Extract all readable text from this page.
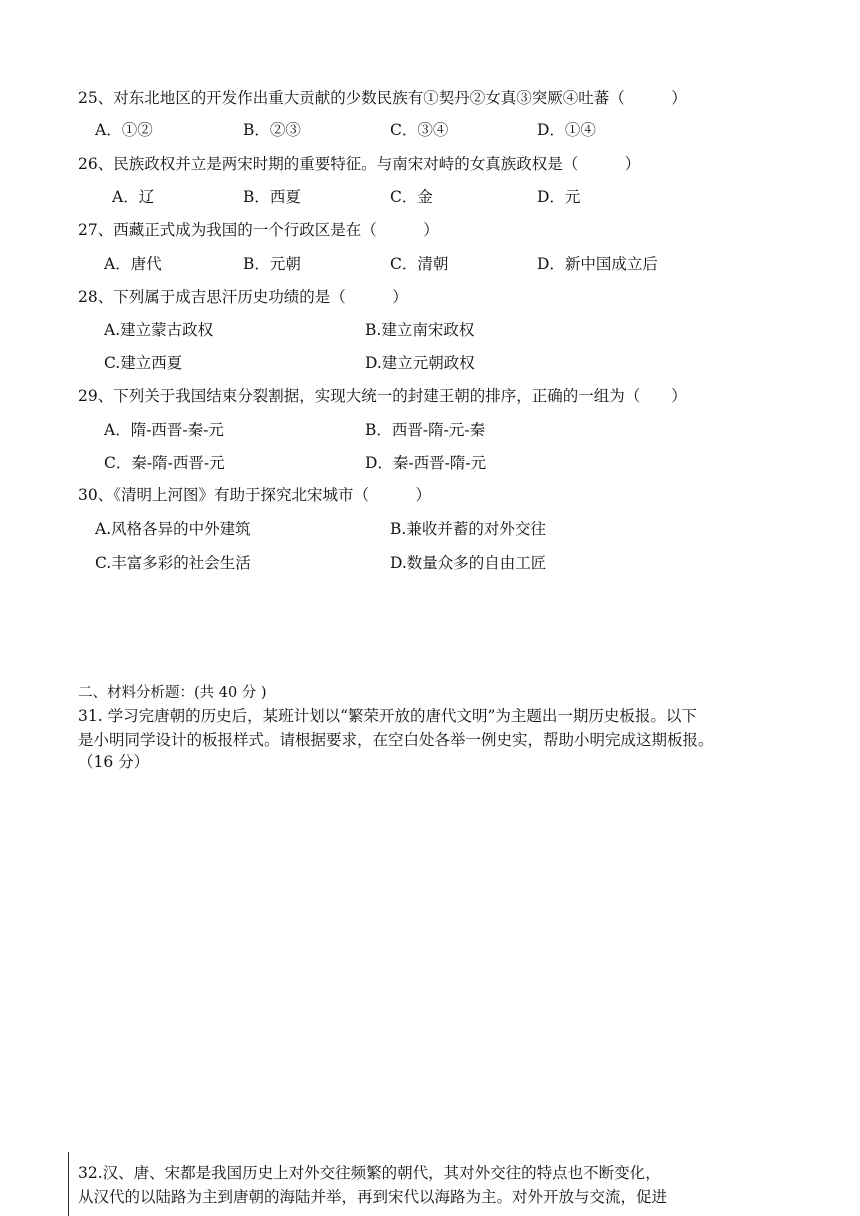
25、对东北地区的开发作出重大贡献的少数民族有①契丹②女真③突厥④吐蕃（　　　）
A．①②	B．②③	C．③④	D．①④
26、民族政权并立是两宋时期的重要特征。与南宋对峙的女真族政权是（　　　）
A．辽	B．西夏	C．金	D．元
27、西藏正式成为我国的一个行政区是在（　　　）
A．唐代	B．元朝	C．清朝	D．新中国成立后
28、下列属于成吉思汗历史功绩的是（　　　）
A.建立蒙古政权	B.建立南宋政权
C.建立西夏	D.建立元朝政权
29、下列关于我国结束分裂割据，实现大统一的封建王朝的排序，正确的一组为（　　）
A．隋-西晋-秦-元	B．西晋-隋-元-秦
C．秦-隋-西晋-元	D．秦-西晋-隋-元
30、《清明上河图》有助于探究北宋城市（　　　）
A.风格各异的中外建筑	B.兼收并蓄的对外交往
C.丰富多彩的社会生活	D.数量众多的自由工匠
二、材料分析题：(共 40 分 )
31. 学习完唐朝的历史后，某班计划以“繁荣开放的唐代文明”为主题出一期历史板报。以下
是小明同学设计的板报样式。请根据要求，在空白处各举一例史实，帮助小明完成这期板报。
（16 分）
32.汉、唐、宋都是我国历史上对外交往频繁的朝代，其对外交往的特点也不断变化，
从汉代的以陆路为主到唐朝的海陆并举，再到宋代以海路为主。对外开放与交流，促进
